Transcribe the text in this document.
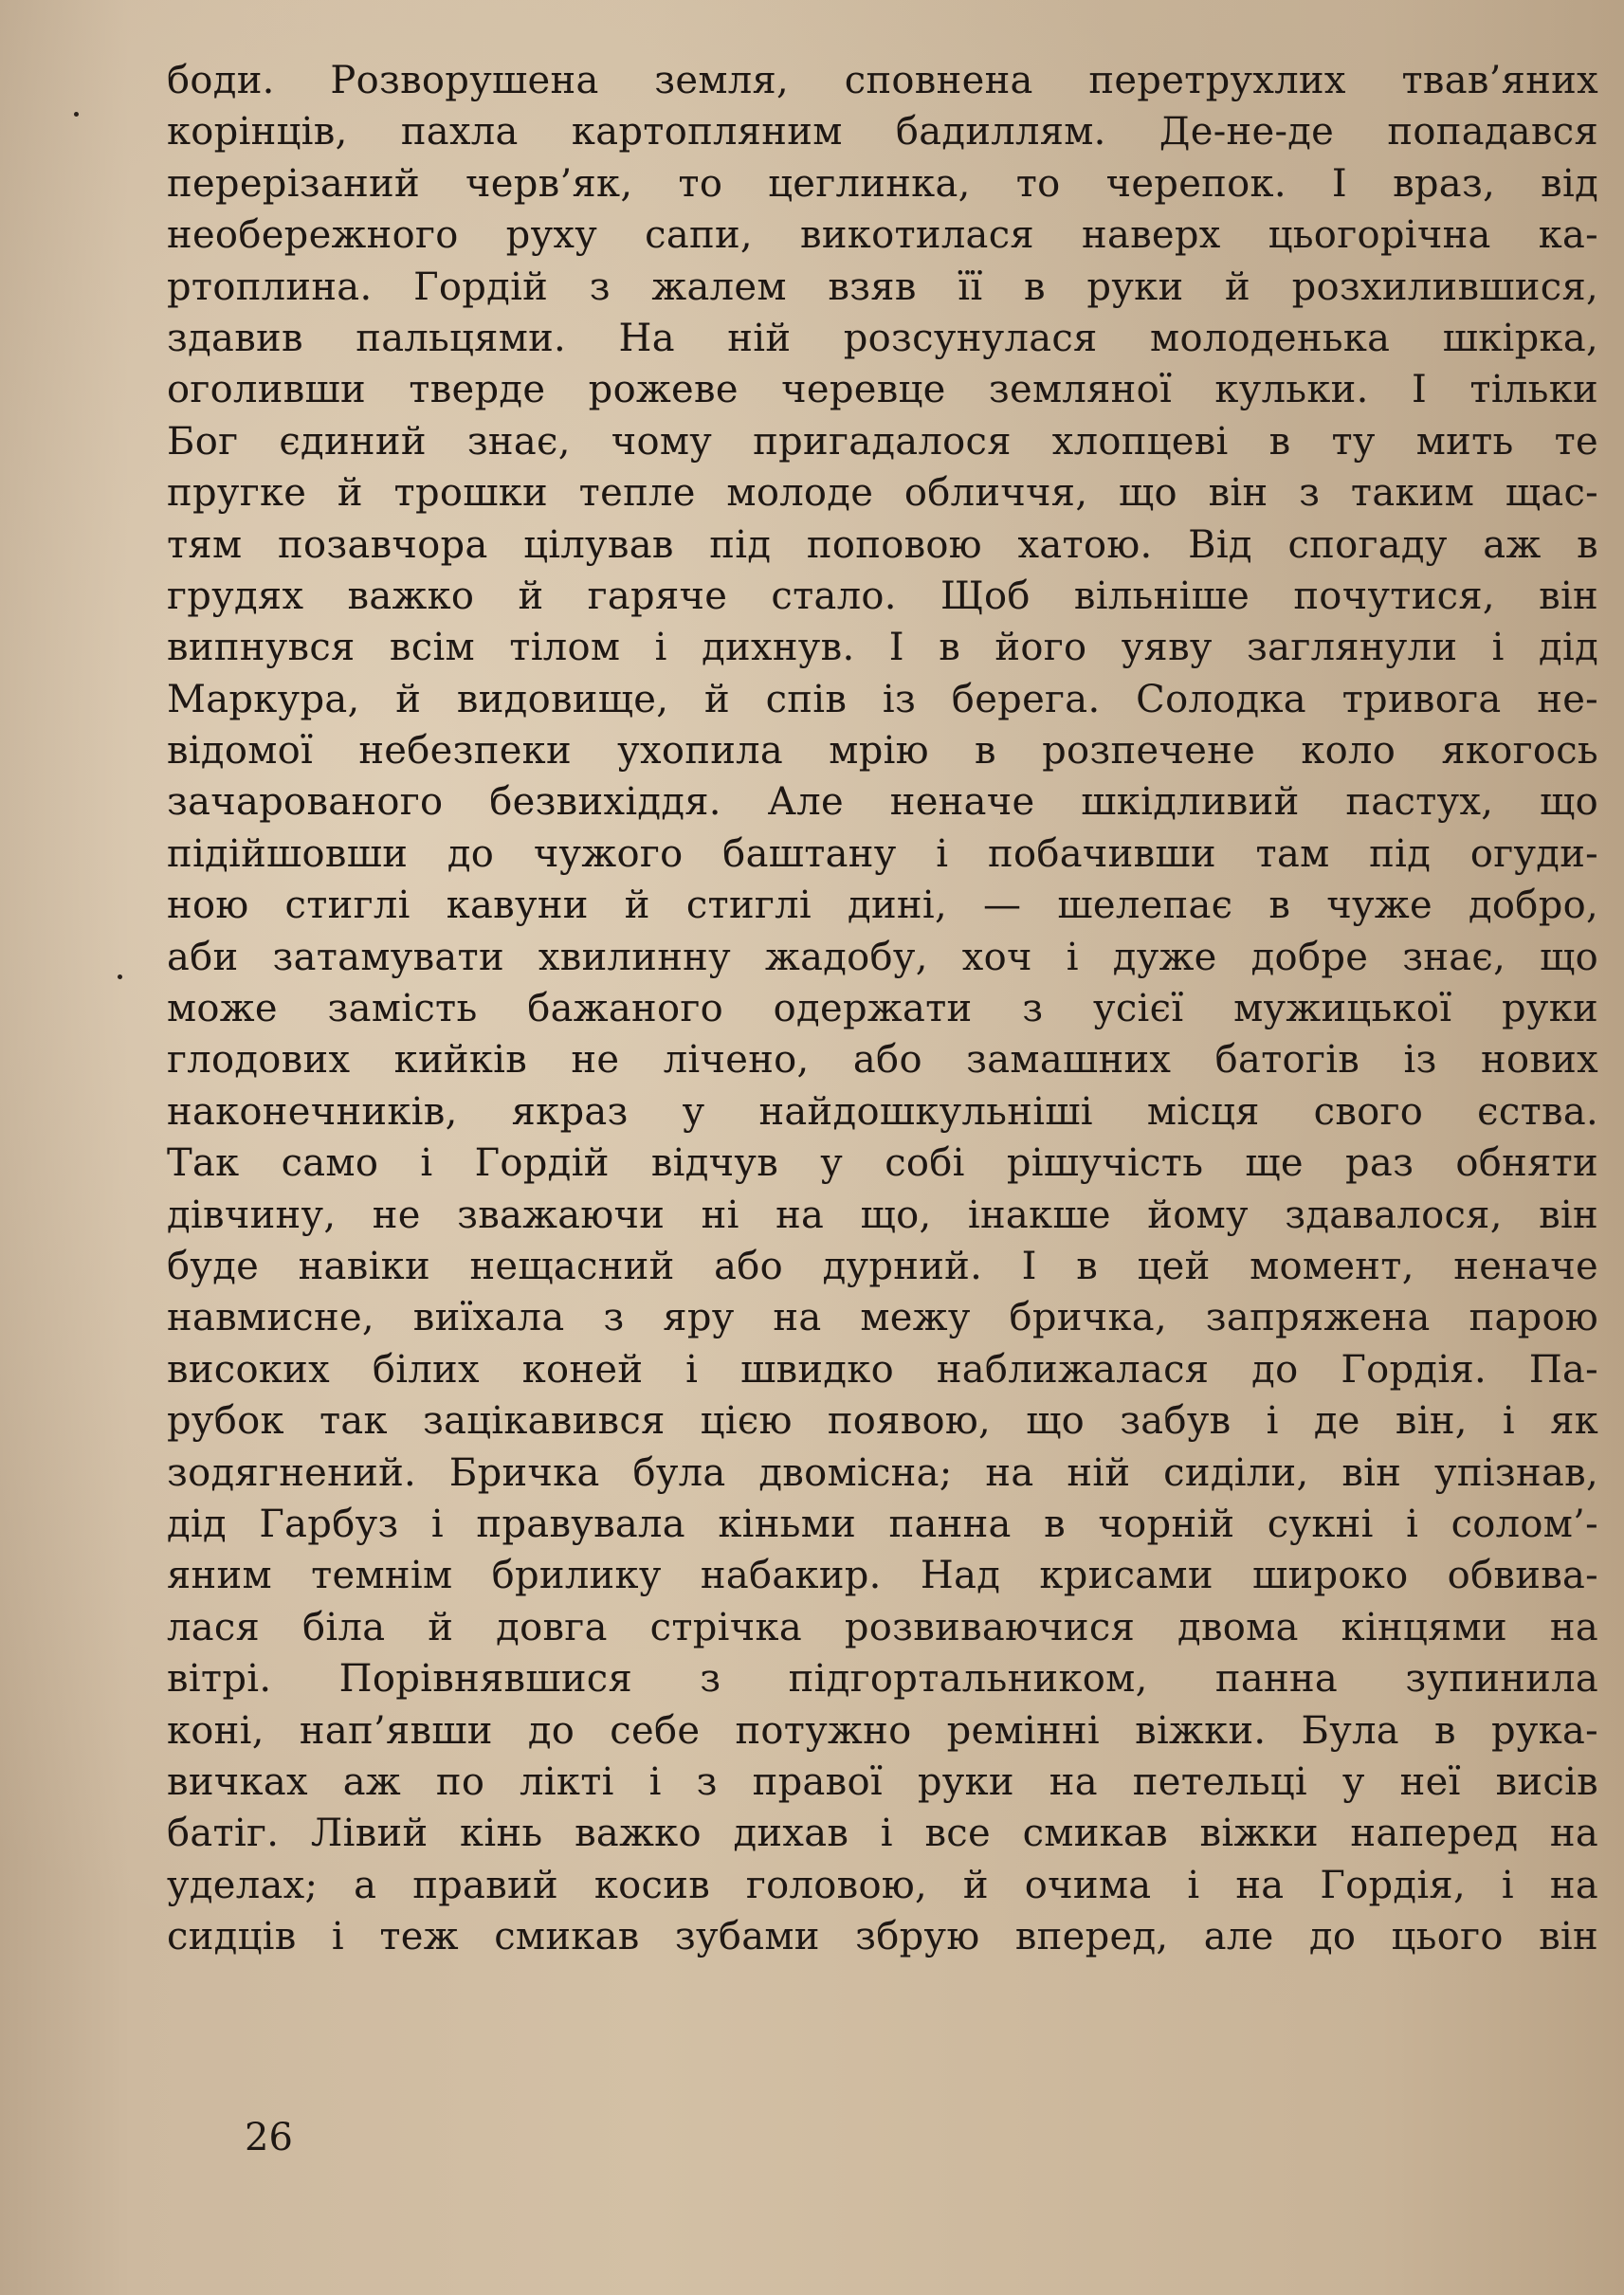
боди. Розворушена земля, сповнена перетрухлих твав’яних
корінців, пахла картопляним бадиллям. Де-не-де попадався
перерізаний черв’як, то цеглинка, то черепок. І враз, від
необережного руху сапи, викотилася наверх цьогорічна ка-
ртоплина. Гордій з жалем взяв її в руки й розхилившися,
здавив пальцями. На ній розсунулася молоденька шкірка,
оголивши тверде рожеве черевце земляної кульки. І тільки
Бог єдиний знає, чому пригадалося хлопцеві в ту мить те
пругке й трошки тепле молоде обличчя, що він з таким щас-
тям позавчора цілував під поповою хатою. Від спогаду аж в
грудях важко й гаряче стало. Щоб вільніше почутися, він
випнувся всім тілом і дихнув. І в його уяву заглянули і дід
Маркура, й видовище, й спів із берега. Солодка тривога не-
відомої небезпеки ухопила мрію в розпечене коло якогось
зачарованого безвихіддя. Але неначе шкідливий пастух, що
підійшовши до чужого баштану і побачивши там під огуди-
ною стиглі кавуни й стиглі дині, — шелепає в чуже добро,
аби затамувати хвилинну жадобу, хоч і дуже добре знає, що
може замість бажаного одержати з усієї мужицької руки
глодових кийків не лічено, або замашних батогів із нових
наконечників, якраз у найдошкульніші місця свого єства.
Так само і Гордій відчув у собі рішучість ще раз обняти
дівчину, не зважаючи ні на що, інакше йому здавалося, він
буде навіки нещасний або дурний. І в цей момент, неначе
навмисне, виїхала з яру на межу бричка, запряжена парою
високих білих коней і швидко наближалася до Гордія. Па-
рубок так зацікавився цією появою, що забув і де він, і як
зодягнений. Бричка була двомісна; на ній сиділи, він упізнав,
дід Гарбуз і правувала кіньми панна в чорній сукні і солом’-
яним темнім брилику набакир. Над крисами широко обвива-
лася біла й довга стрічка розвиваючися двома кінцями на
вітрі. Порівнявшися з підгортальником, панна зупинила
коні, нап’явши до себе потужно ремінні віжки. Була в рука-
вичках аж по лікті і з правої руки на петельці у неї висів
батіг. Лівий кінь важко дихав і все смикав віжки наперед на
уделах; а правий косив головою, й очима і на Гордія, і на
сидців і теж смикав зубами збрую вперед, але до цього він
26
